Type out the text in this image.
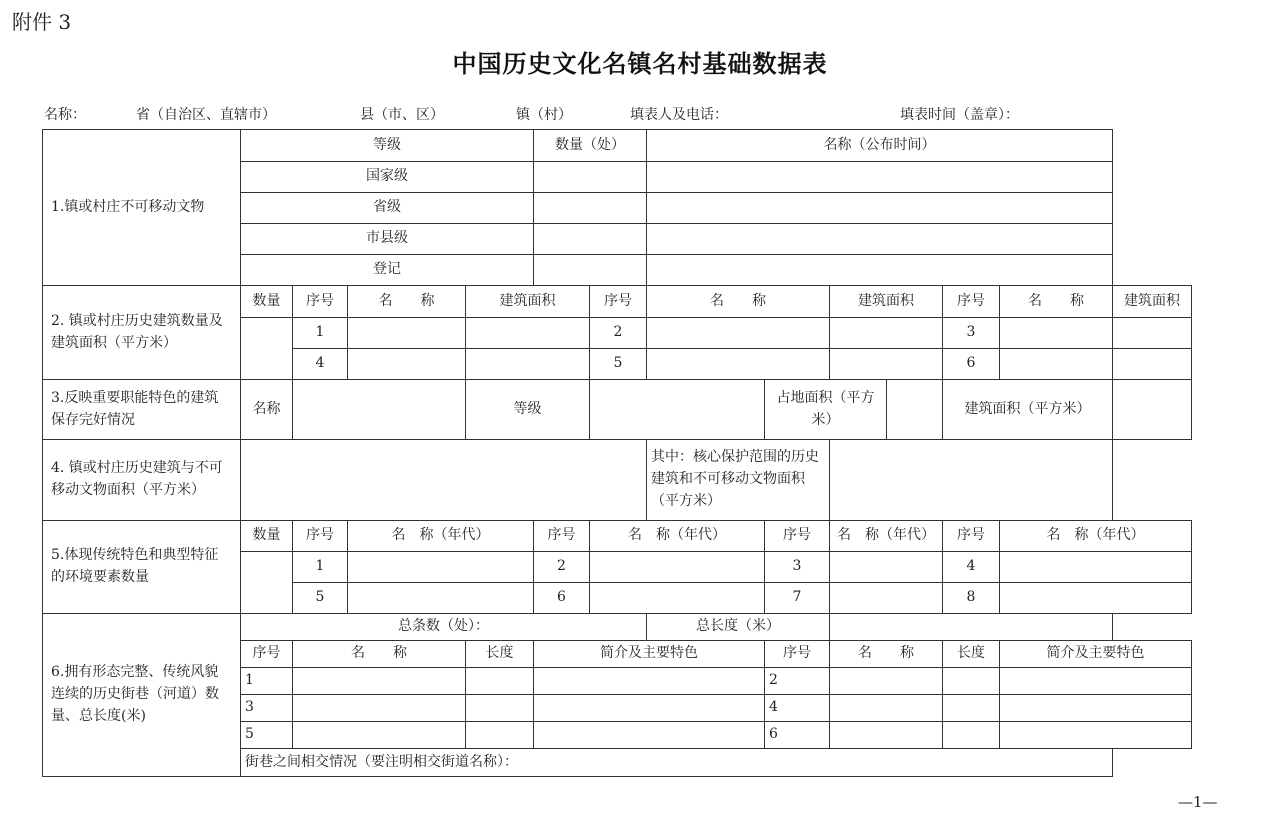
附件 3
中国历史文化名镇名村基础数据表
名称：	省（自治区、直辖市）	县（市、区）	镇（村）	填表人及电话：	填表时间（盖章）：
1.镇或村庄不可移动文物	等级				数量（处）		名称（公布时间）						
	国家级												
	省级												
	市县级												
	登记												
2. 镇或村庄历史建筑数量及建筑面积（平方米）	数量	序号	名　　称	建筑面积		序号	名　　称		建筑面积		序号	名　　称	建筑面积
		1				2					3		
		4				5					6		
3.反映重要职能特色的建筑保存完好情况	名称			等级				占地面积（平方米）			建筑面积（平方米）		
4. 镇或村庄历史建筑与不可移动文物面积（平方米）							其中：核心保护范围的历史建筑和不可移动文物面积（平方米）						
5.体现传统特色和典型特征的环境要素数量	数量	序号	名　称（年代）		序号	名　称（年代）		序号	名　称（年代）		序号	名　称（年代）	
		1			2			3			4		
		5			6			7			8		
6.拥有形态完整、传统风貌连续的历史街巷（河道）数量、总长度(米)	总条数（处）：						总长度（米）						
	序号	名　　称		长度	简介及主要特色			序号	名　　称		长度	简介及主要特色	
	1							2					
	3							4					
	5							6					
	街巷之间相交情况（要注明相交街道名称）：												
—1—
